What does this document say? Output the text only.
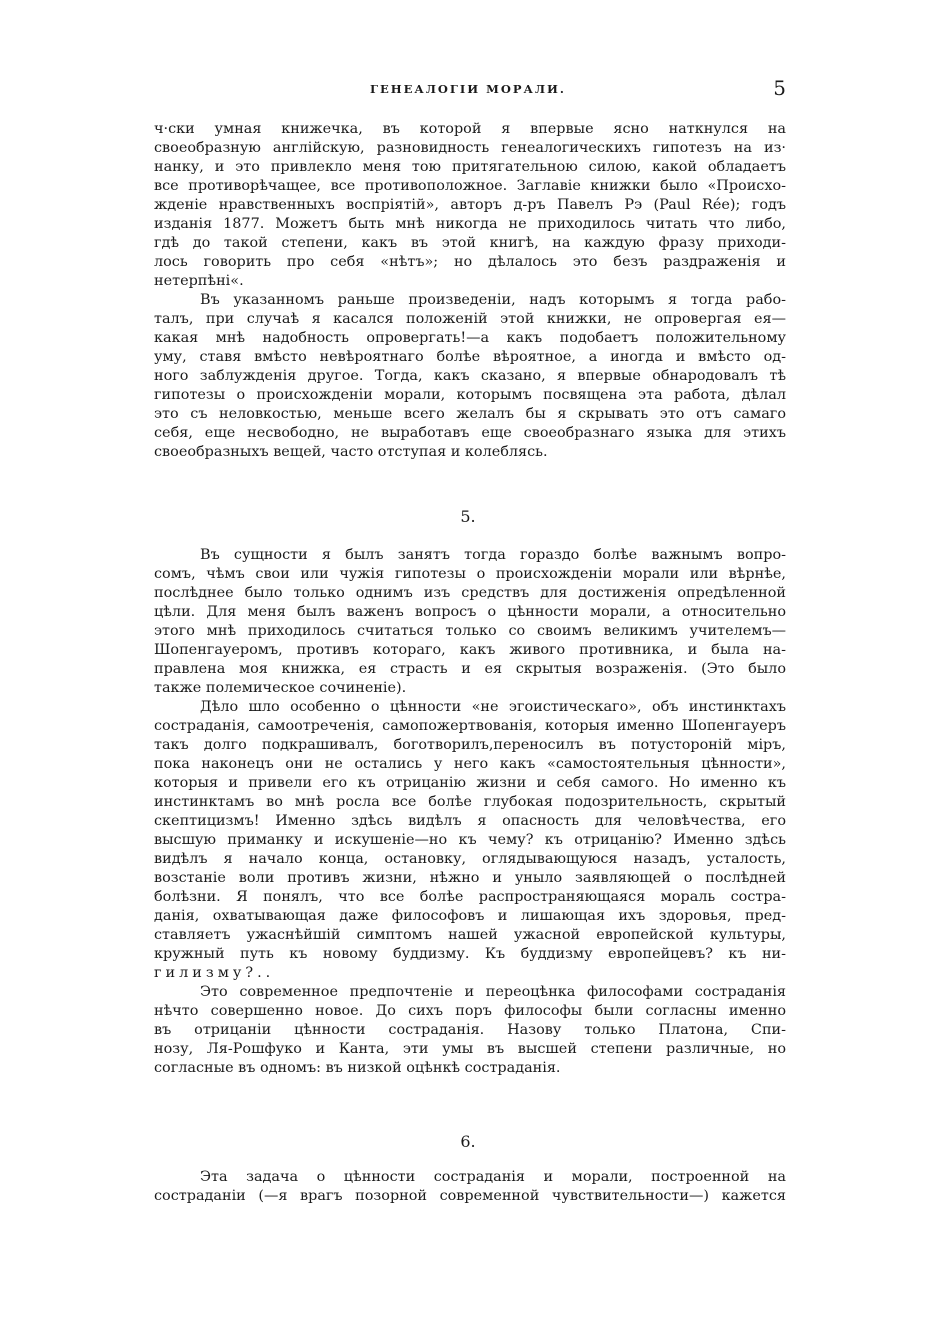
ГЕНЕАЛОГІИ МОРАЛИ.	5
ч·ски умная книжечка, въ которой я впервые ясно наткнулся на
своеобразную англійскую, разновидность генеалогическихъ гипотезъ на из·
нанку, и это привлекло меня тою притягательною силою, какой обладаетъ
все противорѣчащее, все противоположное. Заглавіе книжки было «Происхо-
жденіе нравственныхъ воспріятій», авторъ д-ръ Павелъ Рэ (Paul Rée); годъ
изданія 1877. Можетъ быть мнѣ никогда не приходилось читать что либо,
гдѣ до такой степени, какъ въ этой книгѣ, на каждую фразу приходи-
лось говорить про себя «нѣтъ»; но дѣлалось это безъ раздраженія и
нетерпѣні«.
Въ указанномъ раньше произведеніи, надъ которымъ я тогда рабо-
талъ, при случаѣ я касался положеній этой книжки, не опровергая ея—
какая мнѣ надобность опровергать!—а какъ подобаетъ положительному
уму, ставя вмѣсто невѣроятнаго болѣе вѣроятное, а иногда и вмѣсто од-
ного заблужденія другое. Тогда, какъ сказано, я впервые обнародовалъ тѣ
гипотезы о происхожденіи морали, которымъ посвящена эта работа, дѣлал
это съ неловкостью, меньше всего желалъ бы я скрывать это отъ самаго
себя, еще несвободно, не выработавъ еще своеобразнаго языка для этихъ
своеобразныхъ вещей, часто отступая и колеблясь.
5.
Въ сущности я былъ занятъ тогда гораздо болѣе важнымъ вопро-
сомъ, чѣмъ свои или чужія гипотезы о происхожденіи морали или вѣрнѣе,
послѣднее было только однимъ изъ средствъ для достиженія опредѣленной
цѣли. Для меня былъ важенъ вопросъ о цѣнности морали, а относительно
этого мнѣ приходилось считаться только со своимъ великимъ учителемъ—
Шопенгауеромъ, противъ котораго, какъ живого противника, и была на-
правлена моя книжка, ея страсть и ея скрытыя возраженія. (Это было
также полемическое сочиненіе).
Дѣло шло особенно о цѣнности «не эгоистическаго», объ инстинктахъ
состраданія, самоотреченія, самопожертвованія, которыя именно Шопенгауеръ
такъ долго подкрашивалъ, боготворилъ,переносилъ въ потустороній міръ,
пока наконецъ они не остались у него какъ «самостоятельныя цѣнности»,
которыя и привели его къ отрицанію жизни и себя самого. Но именно къ
инстинктамъ во мнѣ росла все болѣе глубокая подозрительность, скрытый
скептицизмъ! Именно здѣсь видѣлъ я опасность для человѣчества, его
высшую приманку и искушеніе—но къ чему? къ отрицанію? Именно здѣсь
видѣлъ я начало конца, остановку, оглядывающуюся назадъ, усталость,
возстаніе воли противъ жизни, нѣжно и уныло заявляющей о послѣдней
болѣзни. Я понялъ, что все болѣе распространяющаяся мораль сострa-
данія, охватывающая даже философовъ и лишающая ихъ здоровья, пред-
ставляетъ ужаснѣйшій симптомъ нашей ужасной европейской культуры,
кружный путь къ новому буддизму. Къ буддизму европейцевъ? къ ни-
гилизму?..
Это современное предпочтеніе и переоцѣнка философами состраданія
нѣчто совершенно новое. До сихъ поръ философы были согласны именно
въ отрицаніи цѣнности состраданія. Назову только Платона, Спи-
нозу, Ля-Рошфуко и Канта, эти умы въ высшей степени различные, но
согласные въ одномъ: въ низкой оцѣнкѣ состраданія.
6.
Эта задача о цѣнности состраданія и морали, построенной на
состраданіи (—я врагъ позорной современной чувствительности—) кажется
